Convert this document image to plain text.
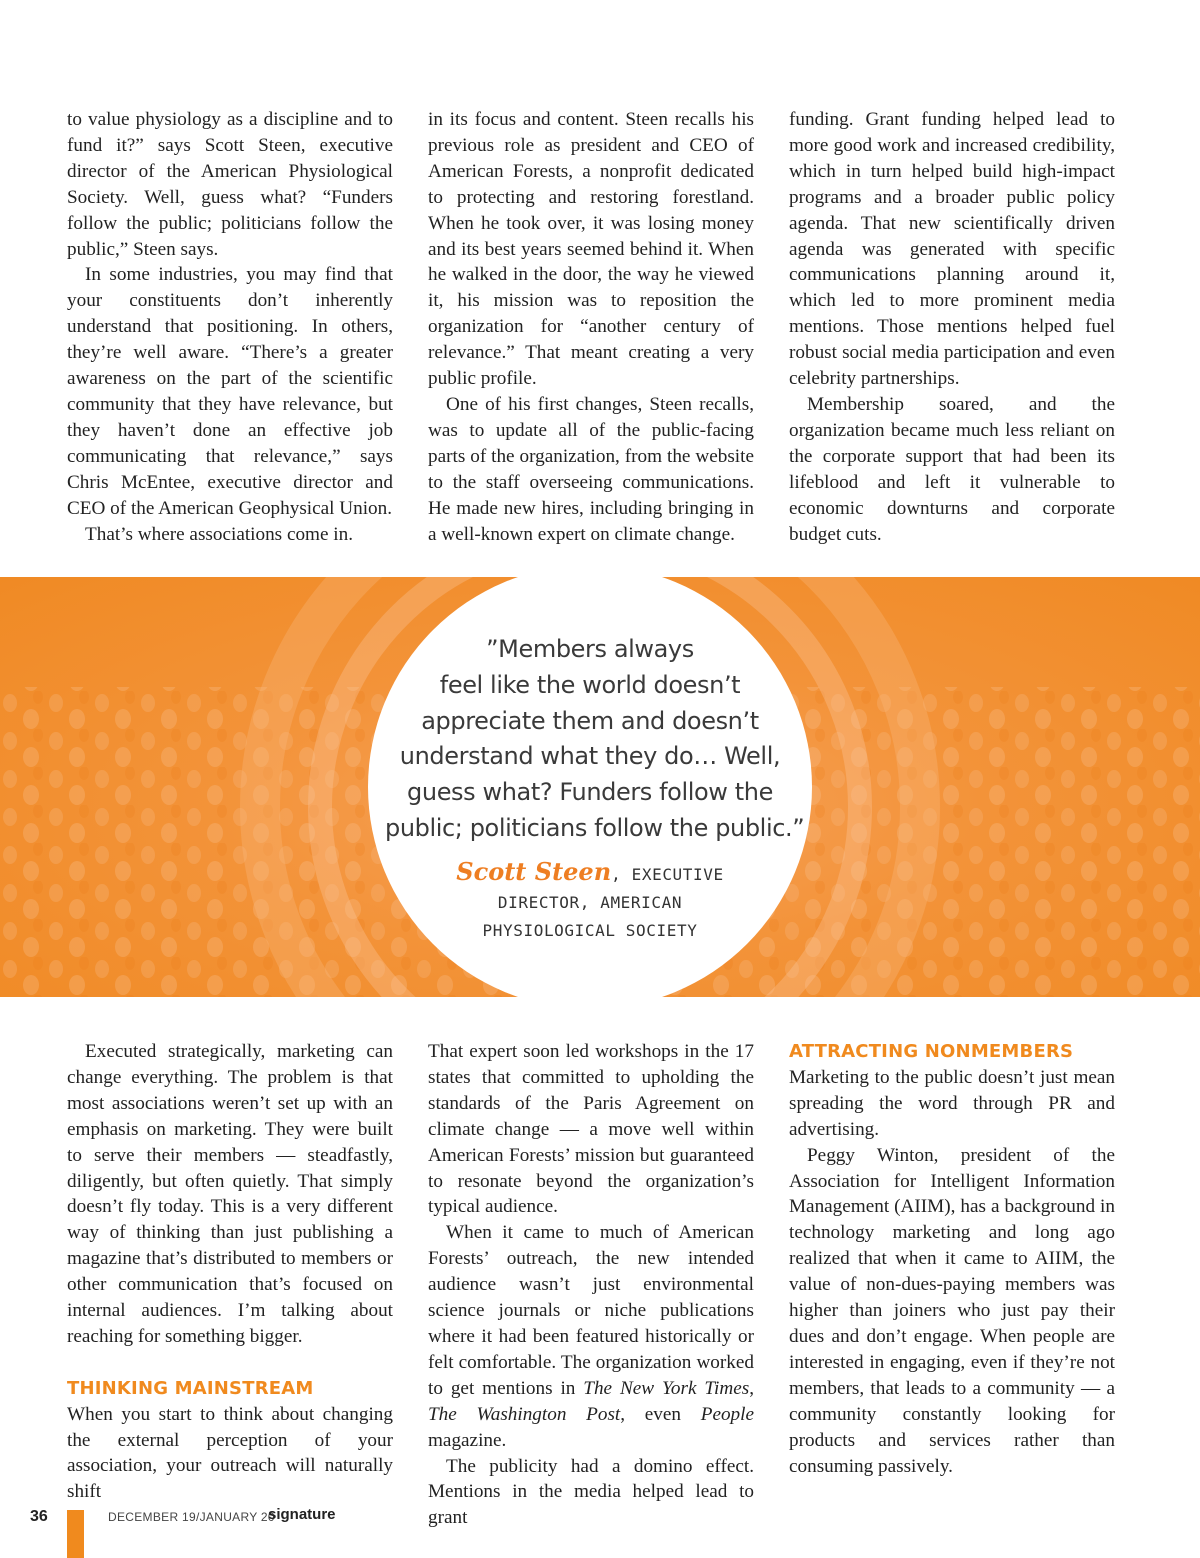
to value physiology as a discipline and to fund it?” says Scott Steen, executive director of the American Physiological Society. Well, guess what? “Funders follow the public; politicians follow the public,” Steen says.

In some industries, you may find that your constituents don’t inherently understand that positioning. In others, they’re well aware. “There’s a greater awareness on the part of the scientific community that they have relevance, but they haven’t done an effective job communicating that relevance,” says Chris McEntee, executive director and CEO of the American Geophysical Union.

That’s where associations come in.

in its focus and content. Steen recalls his previous role as president and CEO of American Forests, a nonprofit dedicated to protecting and restoring forestland. When he took over, it was losing money and its best years seemed behind it. When he walked in the door, the way he viewed it, his mission was to reposition the organization for “another century of relevance.” That meant creating a very public profile.

One of his first changes, Steen recalls, was to update all of the public-facing parts of the organization, from the website to the staff overseeing communications. He made new hires, including bringing in a well-known expert on climate change.

funding. Grant funding helped lead to more good work and increased credibility, which in turn helped build high-impact programs and a broader public policy agenda. That new scientifically driven agenda was generated with specific communications planning around it, which led to more prominent media mentions. Those mentions helped fuel robust social media participation and even celebrity partnerships.

Membership soared, and the organization became much less reliant on the corporate support that had been its lifeblood and left it vulnerable to economic downturns and corporate budget cuts.

”Members always
feel like the world doesn’t
appreciate them and doesn’t
understand what they do… Well,
guess what? Funders follow the
public; politicians follow the public.”
Scott Steen, EXECUTIVE
DIRECTOR, AMERICAN
PHYSIOLOGICAL SOCIETY

Executed strategically, marketing can change everything. The problem is that most associations weren’t set up with an emphasis on marketing. They were built to serve their members — steadfastly, diligently, but often quietly. That simply doesn’t fly today. This is a very different way of thinking than just publishing a magazine that’s distributed to members or other communication that’s focused on internal audiences. I’m talking about reaching for something bigger.

THINKING MAINSTREAM

When you start to think about changing the external perception of your association, your outreach will naturally shift

That expert soon led workshops in the 17 states that committed to upholding the standards of the Paris Agreement on climate change — a move well within American Forests’ mission but guaranteed to resonate beyond the organization’s typical audience.

When it came to much of American Forests’ outreach, the new intended audience wasn’t just environmental science journals or niche publications where it had been featured historically or felt comfortable. The organization worked to get mentions in The New York Times, The Washington Post, even People magazine.

The publicity had a domino effect. Mentions in the media helped lead to grant

ATTRACTING NONMEMBERS

Marketing to the public doesn’t just mean spreading the word through PR and advertising.

Peggy Winton, president of the Association for Intelligent Information Management (AIIM), has a background in technology marketing and long ago realized that when it came to AIIM, the value of non-dues-paying members was higher than joiners who just pay their dues and don’t engage. When people are interested in engaging, even if they’re not members, that leads to a community — a community constantly looking for products and services rather than consuming passively.

36	DECEMBER 19/JANUARY 20
signature
